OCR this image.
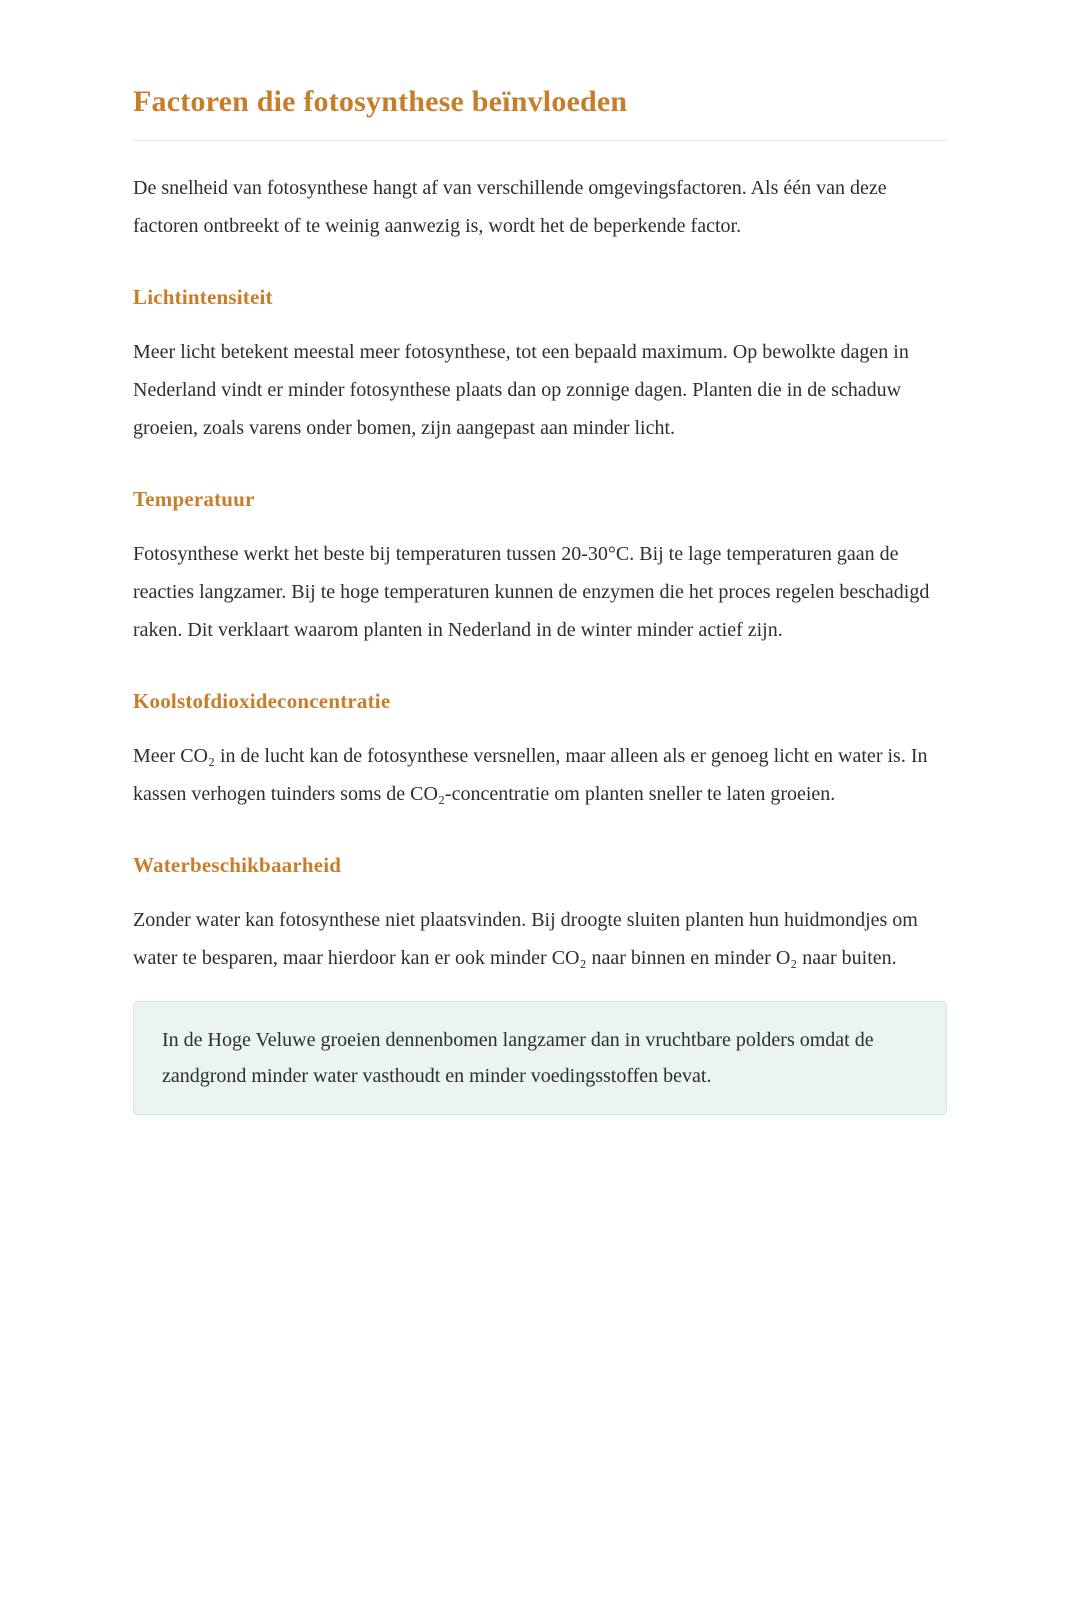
Factoren die fotosynthese beïnvloeden

De snelheid van fotosynthese hangt af van verschillende omgevingsfactoren. Als één van deze factoren ontbreekt of te weinig aanwezig is, wordt het de beperkende factor.

Lichtintensiteit

Meer licht betekent meestal meer fotosynthese, tot een bepaald maximum. Op bewolkte dagen in Nederland vindt er minder fotosynthese plaats dan op zonnige dagen. Planten die in de schaduw groeien, zoals varens onder bomen, zijn aangepast aan minder licht.

Temperatuur

Fotosynthese werkt het beste bij temperaturen tussen 20-30°C. Bij te lage temperaturen gaan de reacties langzamer. Bij te hoge temperaturen kunnen de enzymen die het proces regelen beschadigd raken. Dit verklaart waarom planten in Nederland in de winter minder actief zijn.

Koolstofdioxideconcentratie

Meer CO₂ in de lucht kan de fotosynthese versnellen, maar alleen als er genoeg licht en water is. In kassen verhogen tuinders soms de CO₂-concentratie om planten sneller te laten groeien.

Waterbeschikbaarheid

Zonder water kan fotosynthese niet plaatsvinden. Bij droogte sluiten planten hun huidmondjes om water te besparen, maar hierdoor kan er ook minder CO₂ naar binnen en minder O₂ naar buiten.

In de Hoge Veluwe groeien dennenbomen langzamer dan in vruchtbare polders omdat de zandgrond minder water vasthoudt en minder voedingsstoffen bevat.
